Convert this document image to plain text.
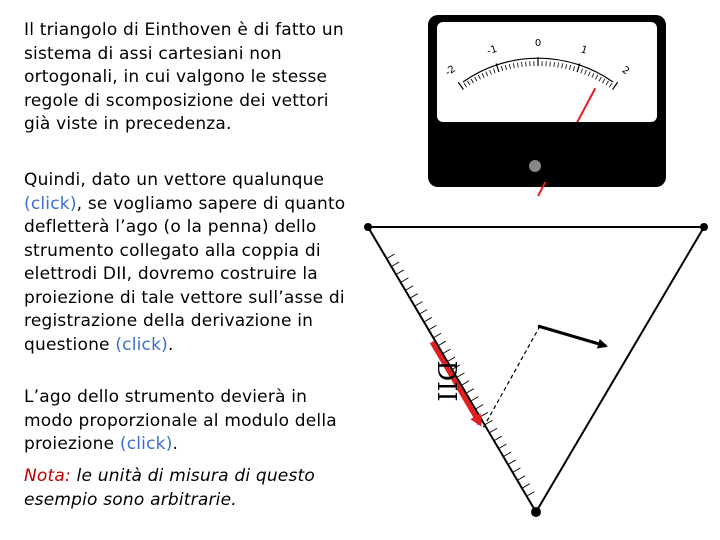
Il triangolo di Einthoven è di fatto un sistema di assi cartesiani non ortogonali, in cui valgono le stesse regole di scomposizione dei vettori già viste in precedenza.

Quindi, dato un vettore qualunque (click), se vogliamo sapere di quanto defletterà l’ago (o la penna) dello strumento collegato alla coppia di elettrodi DII, dovremo costruire la proiezione di tale vettore sull’asse di registrazione della derivazione in questione (click).

L’ago dello strumento devierà in modo proporzionale al modulo della proiezione (click).

Nota: le unità di misura di questo esempio sono arbitrarie.

-2
-1
0
1
2
DII
